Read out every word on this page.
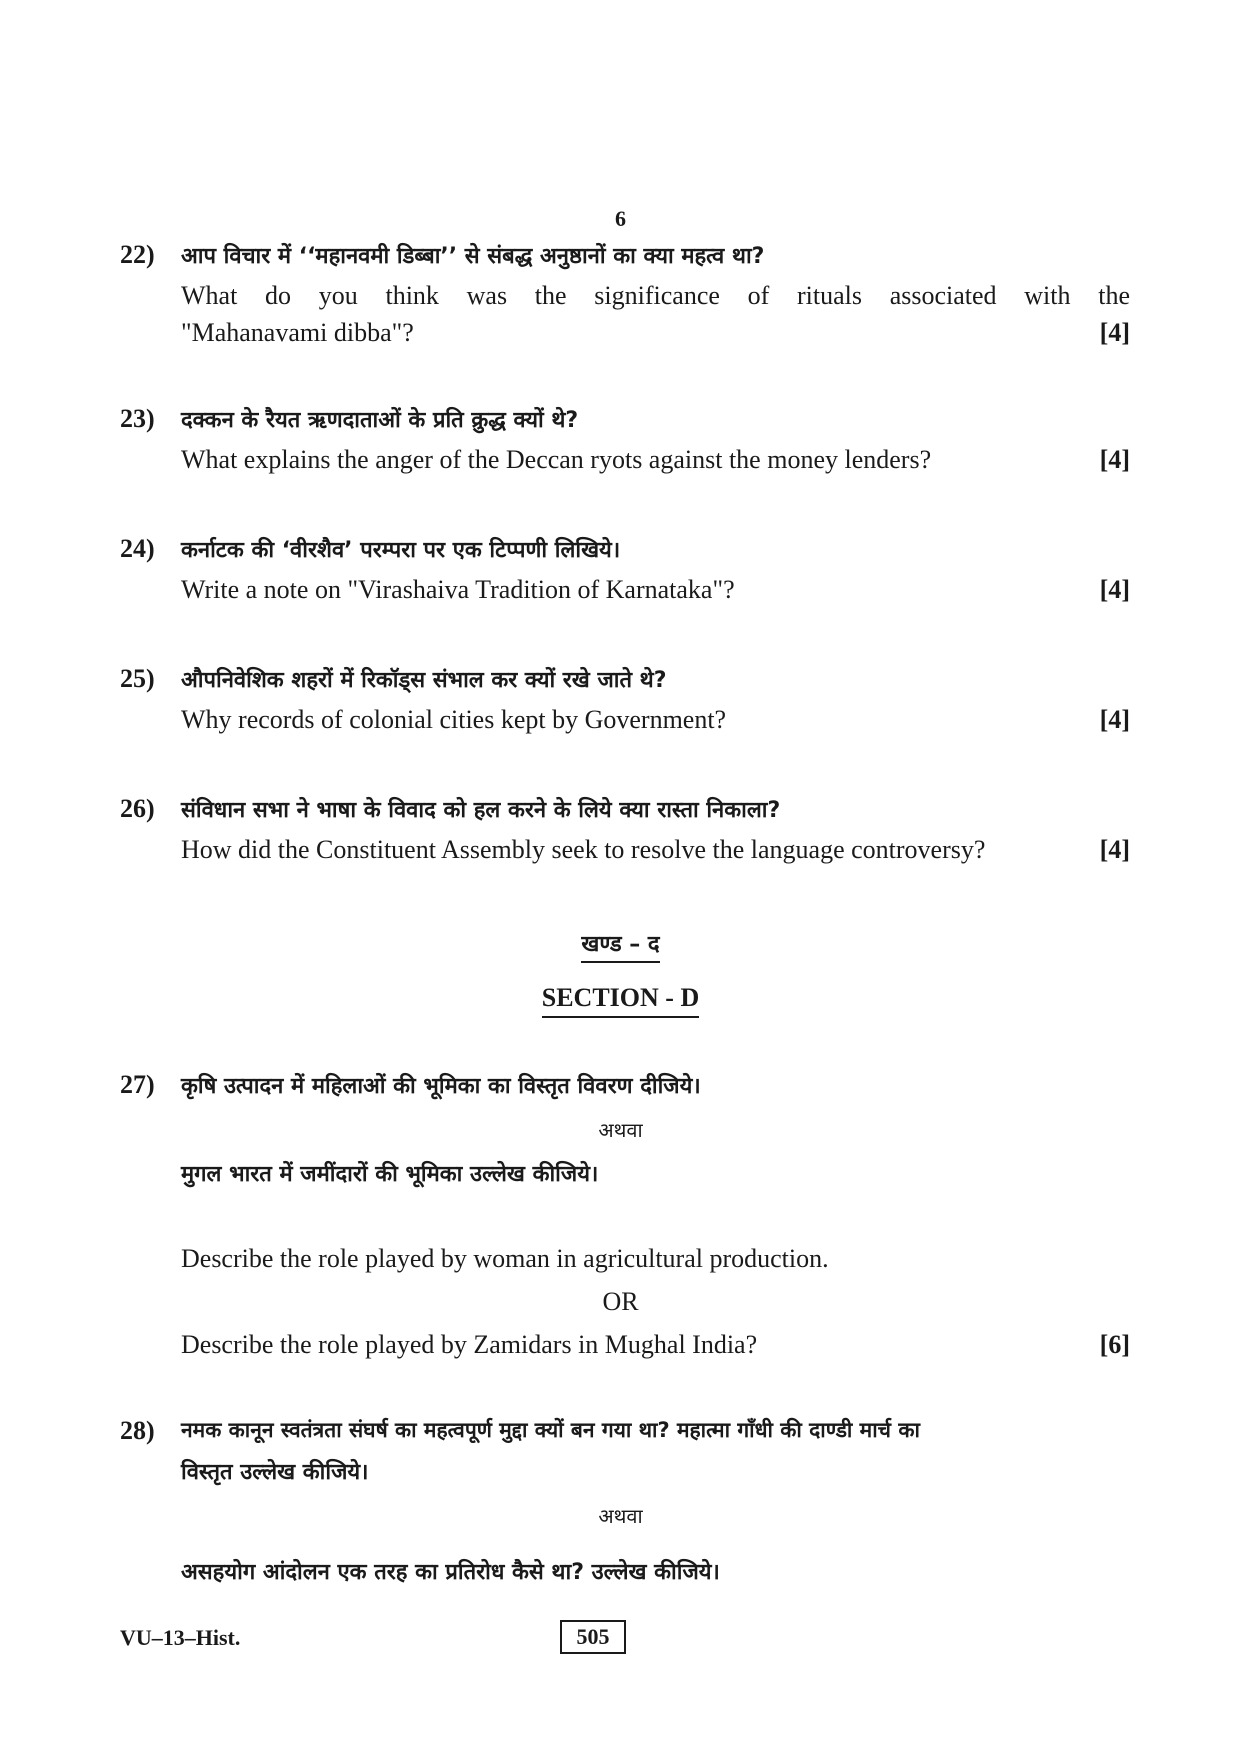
6
22) आप विचार में ‘‘महानवमी डिब्बा’’ से संबद्ध अनुष्ठानों का क्या महत्व था?
What do you think was the significance of rituals associated with the
"Mahanavami dibba"?	[4]
23) दक्कन के रैयत ऋणदाताओं के प्रति क्रुद्ध क्यों थे?
What explains the anger of the Deccan ryots against the money lenders?	[4]
24) कर्नाटक की ‘वीरशैव’ परम्परा पर एक टिप्पणी लिखिये।
Write a note on "Virashaiva Tradition of Karnataka"?	[4]
25) औपनिवेशिक शहरों में रिकॉड्स संभाल कर क्यों रखे जाते थे?
Why records of colonial cities kept by Government?	[4]
26) संविधान सभा ने भाषा के विवाद को हल करने के लिये क्या रास्ता निकाला?
How did the Constituent Assembly seek to resolve the language controversy?	[4]
खण्ड – द
SECTION - D
27) कृषि उत्पादन में महिलाओं की भूमिका का विस्तृत विवरण दीजिये।
अथवा
मुगल भारत में जमींदारों की भूमिका उल्लेख कीजिये।
Describe the role played by woman in agricultural production.
OR
Describe the role played by Zamidars in Mughal India?	[6]
28) नमक कानून स्वतंत्रता संघर्ष का महत्वपूर्ण मुद्दा क्यों बन गया था? महात्मा गाँधी की दाण्डी मार्च का
विस्तृत उल्लेख कीजिये।
अथवा
असहयोग आंदोलन एक तरह का प्रतिरोध कैसे था? उल्लेख कीजिये।
VU–13–Hist.	505
